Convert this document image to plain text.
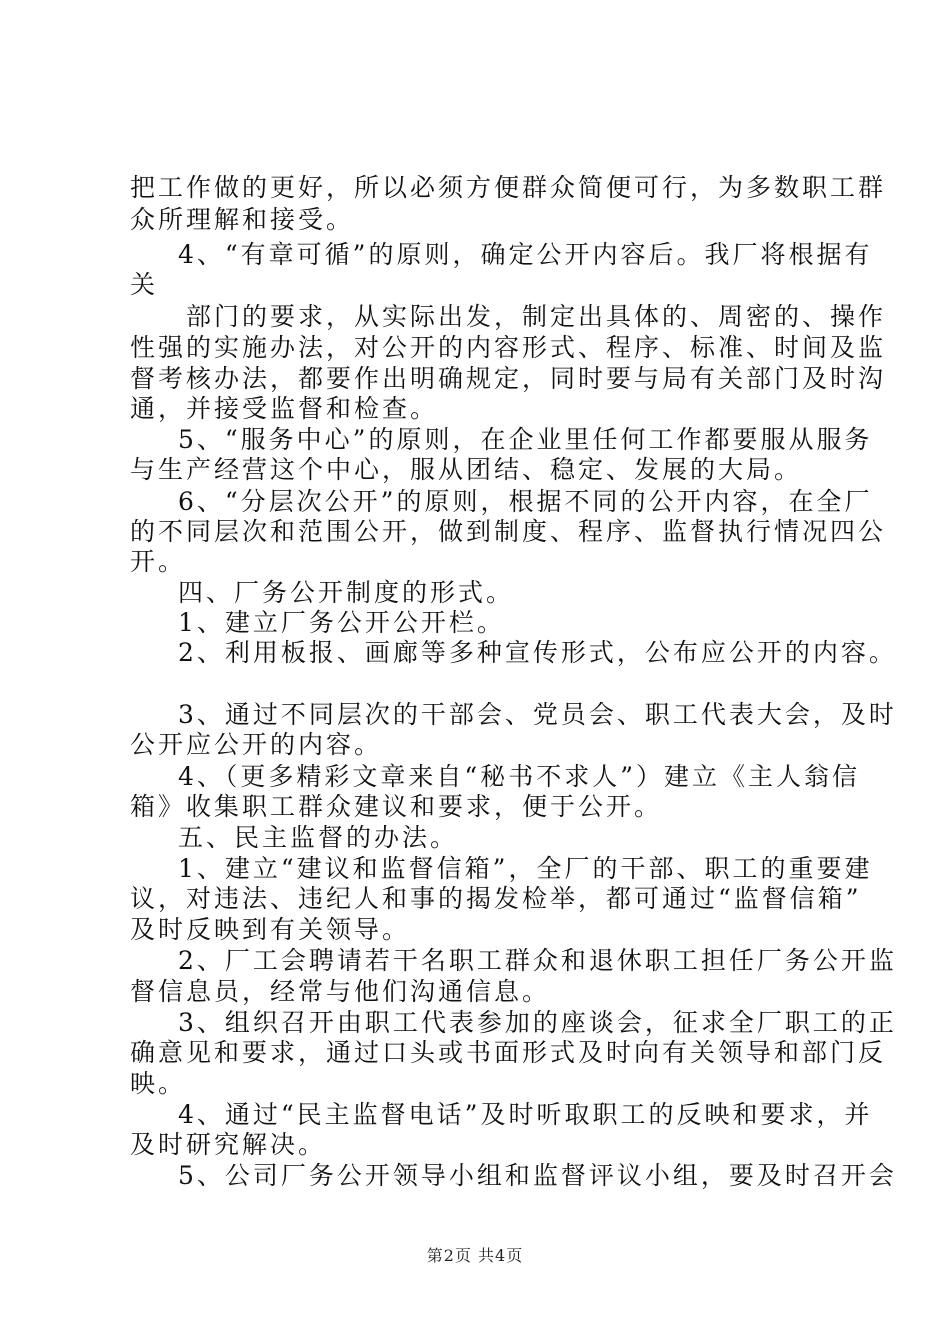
把工作做的更好，所以必须方便群众简便可行，为多数职工群
众所理解和接受。
4、“有章可循”的原则，确定公开内容后。我厂将根据有
关
部门的要求，从实际出发，制定出具体的、周密的、操作
性强的实施办法，对公开的内容形式、程序、标准、时间及监
督考核办法，都要作出明确规定，同时要与局有关部门及时沟
通，并接受监督和检查。
5、“服务中心”的原则，在企业里任何工作都要服从服务
与生产经营这个中心，服从团结、稳定、发展的大局。
6、“分层次公开”的原则，根据不同的公开内容，在全厂
的不同层次和范围公开，做到制度、程序、监督执行情况四公
开。
四、厂务公开制度的形式。
1、建立厂务公开公开栏。
2、利用板报、画廊等多种宣传形式，公布应公开的内容。
3、通过不同层次的干部会、党员会、职工代表大会，及时
公开应公开的内容。
4、（更多精彩文章来自“秘书不求人”）建立《主人翁信
箱》收集职工群众建议和要求，便于公开。
五、民主监督的办法。
1、建立“建议和监督信箱”，全厂的干部、职工的重要建
议，对违法、违纪人和事的揭发检举，都可通过“监督信箱”
及时反映到有关领导。
2、厂工会聘请若干名职工群众和退休职工担任厂务公开监
督信息员，经常与他们沟通信息。
3、组织召开由职工代表参加的座谈会，征求全厂职工的正
确意见和要求，通过口头或书面形式及时向有关领导和部门反
映。
4、通过“民主监督电话”及时听取职工的反映和要求，并
及时研究解决。
5、公司厂务公开领导小组和监督评议小组，要及时召开会
第2页 共4页
